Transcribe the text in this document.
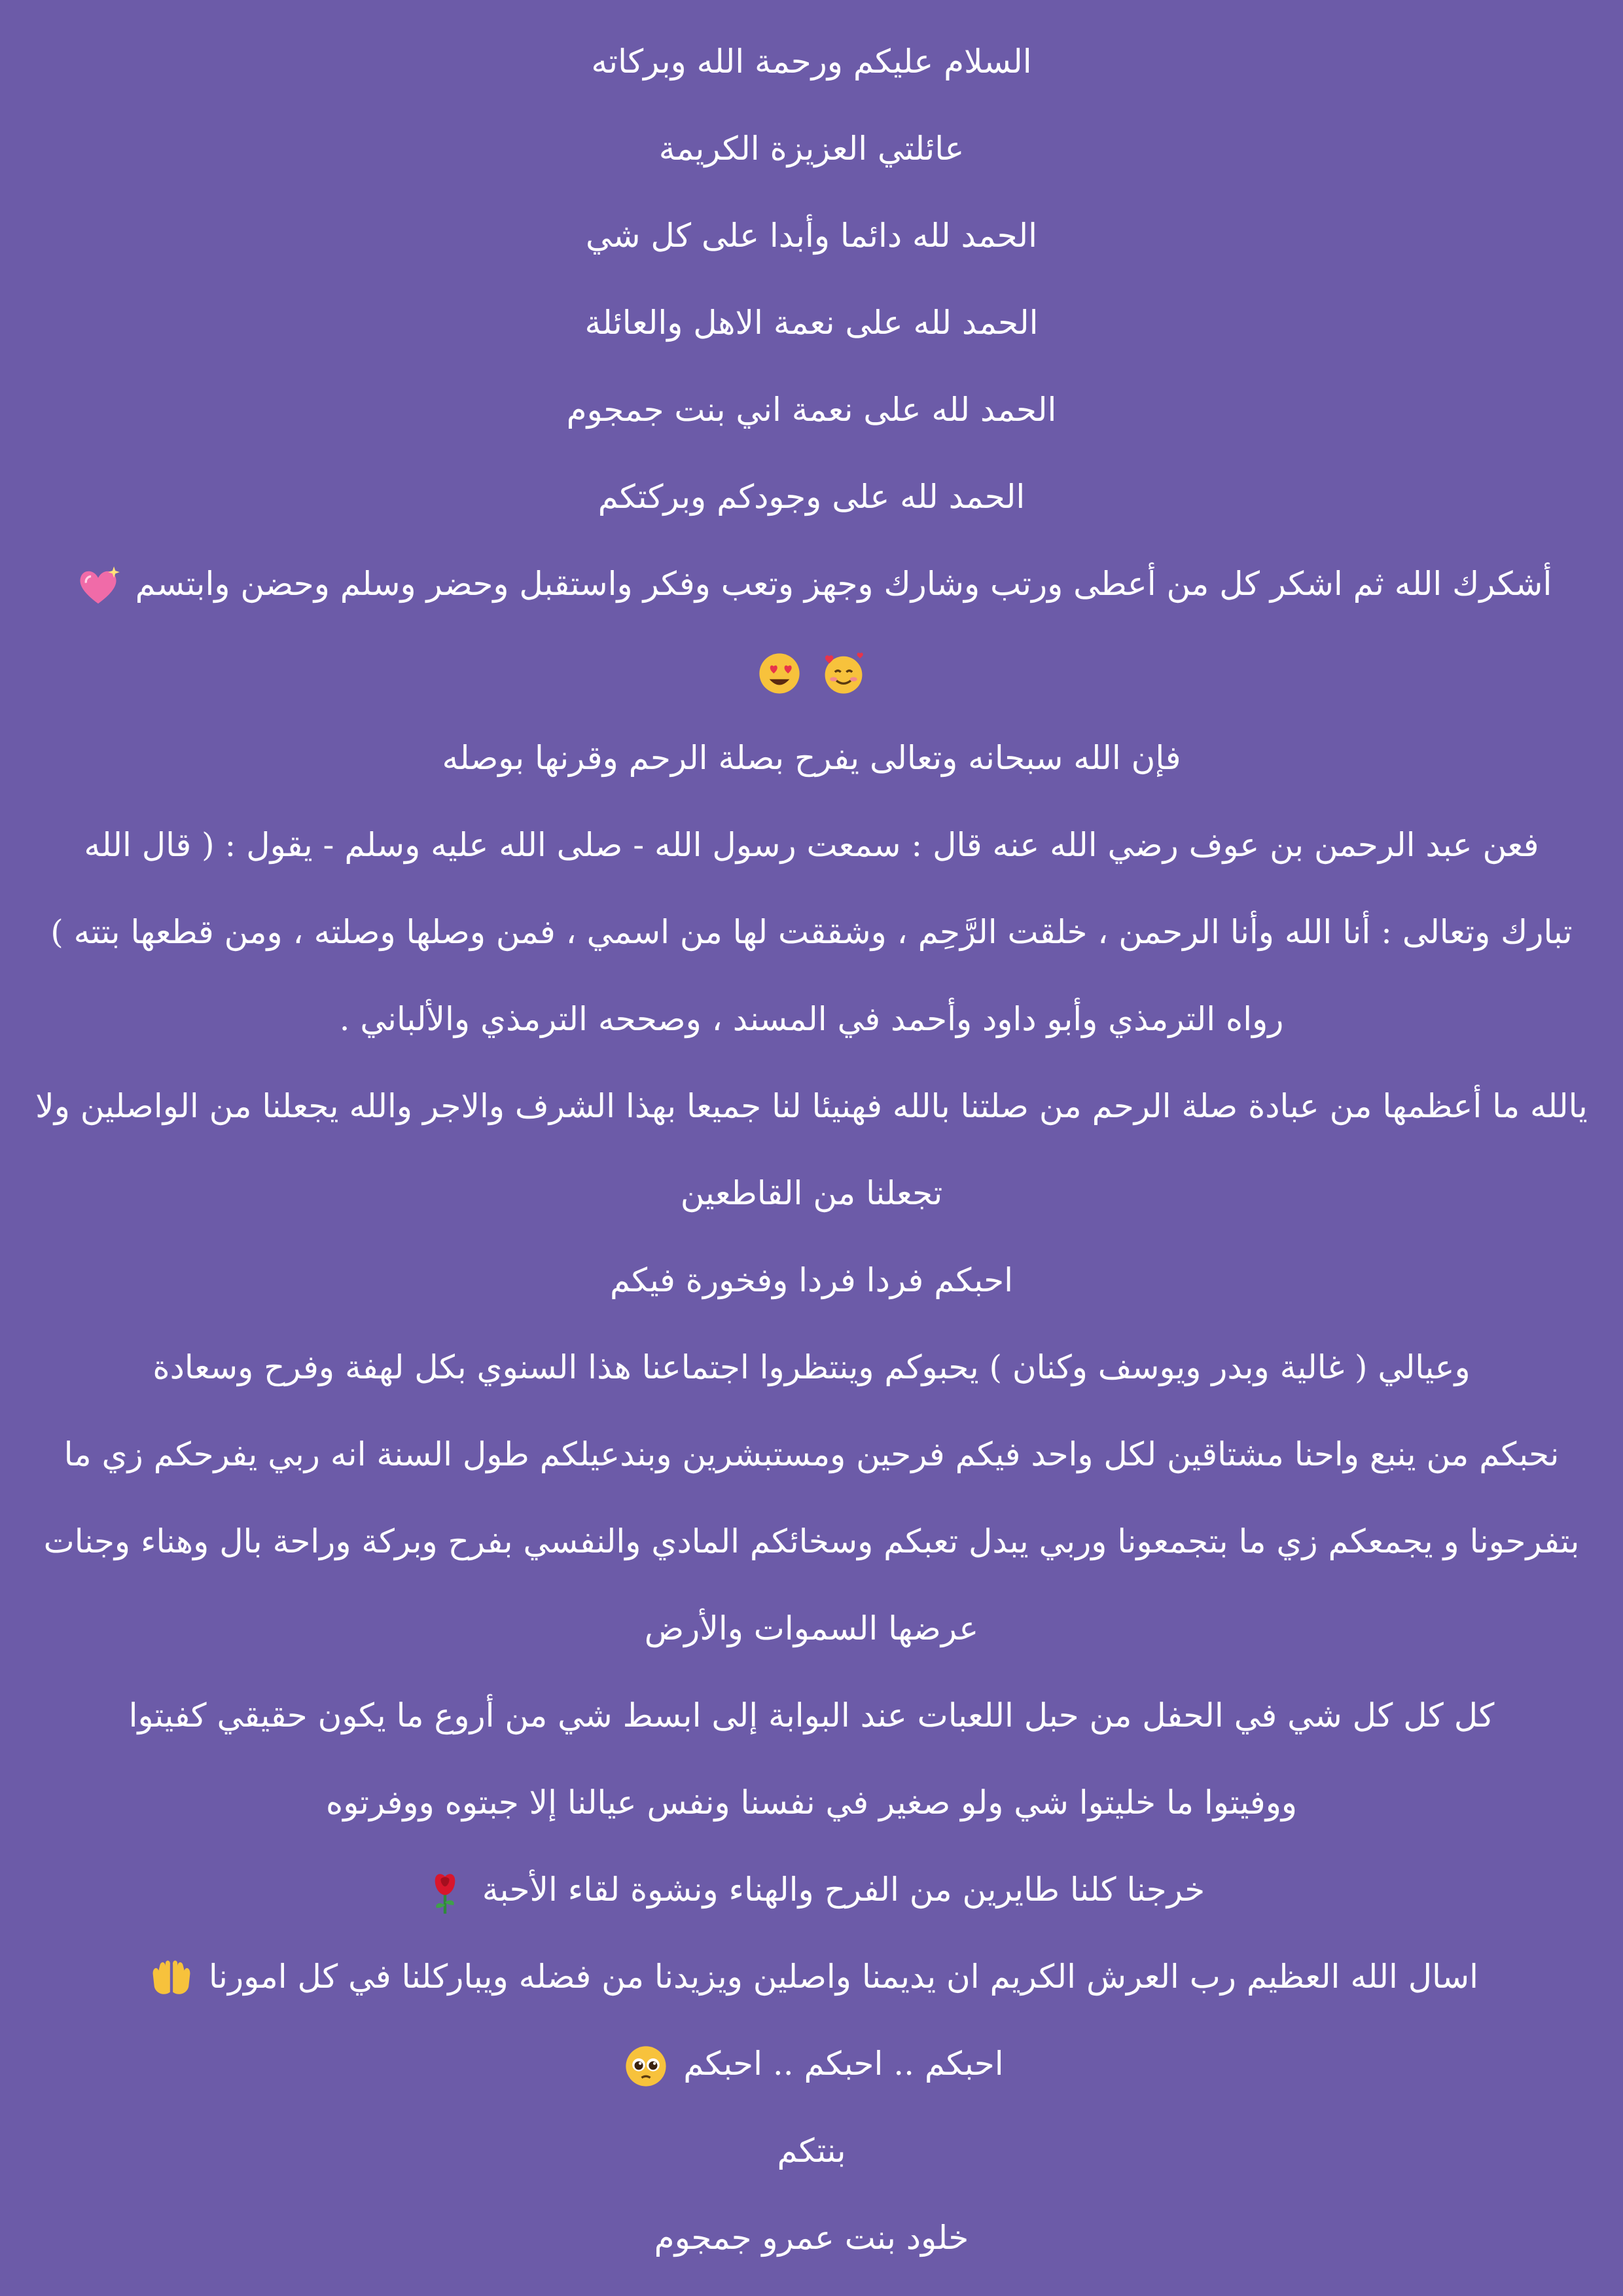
السلام عليكم ورحمة الله وبركاته
عائلتي العزيزة الكريمة
الحمد لله دائما وأبدا على كل شي
الحمد لله على نعمة الاهل والعائلة
الحمد لله على نعمة اني بنت جمجوم
الحمد لله على وجودكم وبركتكم
أشكرك الله ثم اشكر كل من أعطى ورتب وشارك وجهز وتعب وفكر واستقبل وحضر وسلم وحضن وابتسم

فإن الله سبحانه وتعالى يفرح بصلة الرحم وقرنها بوصله
فعن عبد الرحمن بن عوف رضي الله عنه قال : سمعت رسول الله - صلى الله عليه وسلم - يقول : ( قال الله
تبارك وتعالى : أنا الله وأنا الرحمن ، خلقت الرَّحِم ، وشققت لها من اسمي ، فمن وصلها وصلته ، ومن قطعها بتته )
رواه الترمذي وأبو داود وأحمد في المسند ، وصححه الترمذي والألباني .
يالله ما أعظمها من عبادة صلة الرحم من صلتنا بالله فهنيئا لنا جميعا بهذا الشرف والاجر والله يجعلنا من الواصلين ولا
تجعلنا من القاطعين
احبكم فردا فردا وفخورة فيكم
وعيالي ( غالية وبدر ويوسف وكنان ) يحبوكم وينتظروا اجتماعنا هذا السنوي بكل لهفة وفرح وسعادة
نحبكم من ينبع واحنا مشتاقين لكل واحد فيكم فرحين ومستبشرين وبندعيلكم طول السنة انه ربي يفرحكم زي ما
بتفرحونا و يجمعكم زي ما بتجمعونا وربي يبدل تعبكم وسخائكم المادي والنفسي بفرح وبركة وراحة بال وهناء وجنات
عرضها السموات والأرض
كل كل كل شي في الحفل من حبل اللعبات عند البوابة إلى ابسط شي من أروع ما يكون حقيقي كفيتوا
ووفيتوا ما خليتوا شي ولو صغير في نفسنا ونفس عيالنا إلا جبتوه ووفرتوه
خرجنا كلنا طايرين من الفرح والهناء ونشوة لقاء الأحبة
اسال الله العظيم رب العرش الكريم ان يديمنا واصلين ويزيدنا من فضله ويباركلنا في كل امورنا
احبكم .. احبكم .. احبكم
بنتكم
خلود بنت عمرو جمجوم
